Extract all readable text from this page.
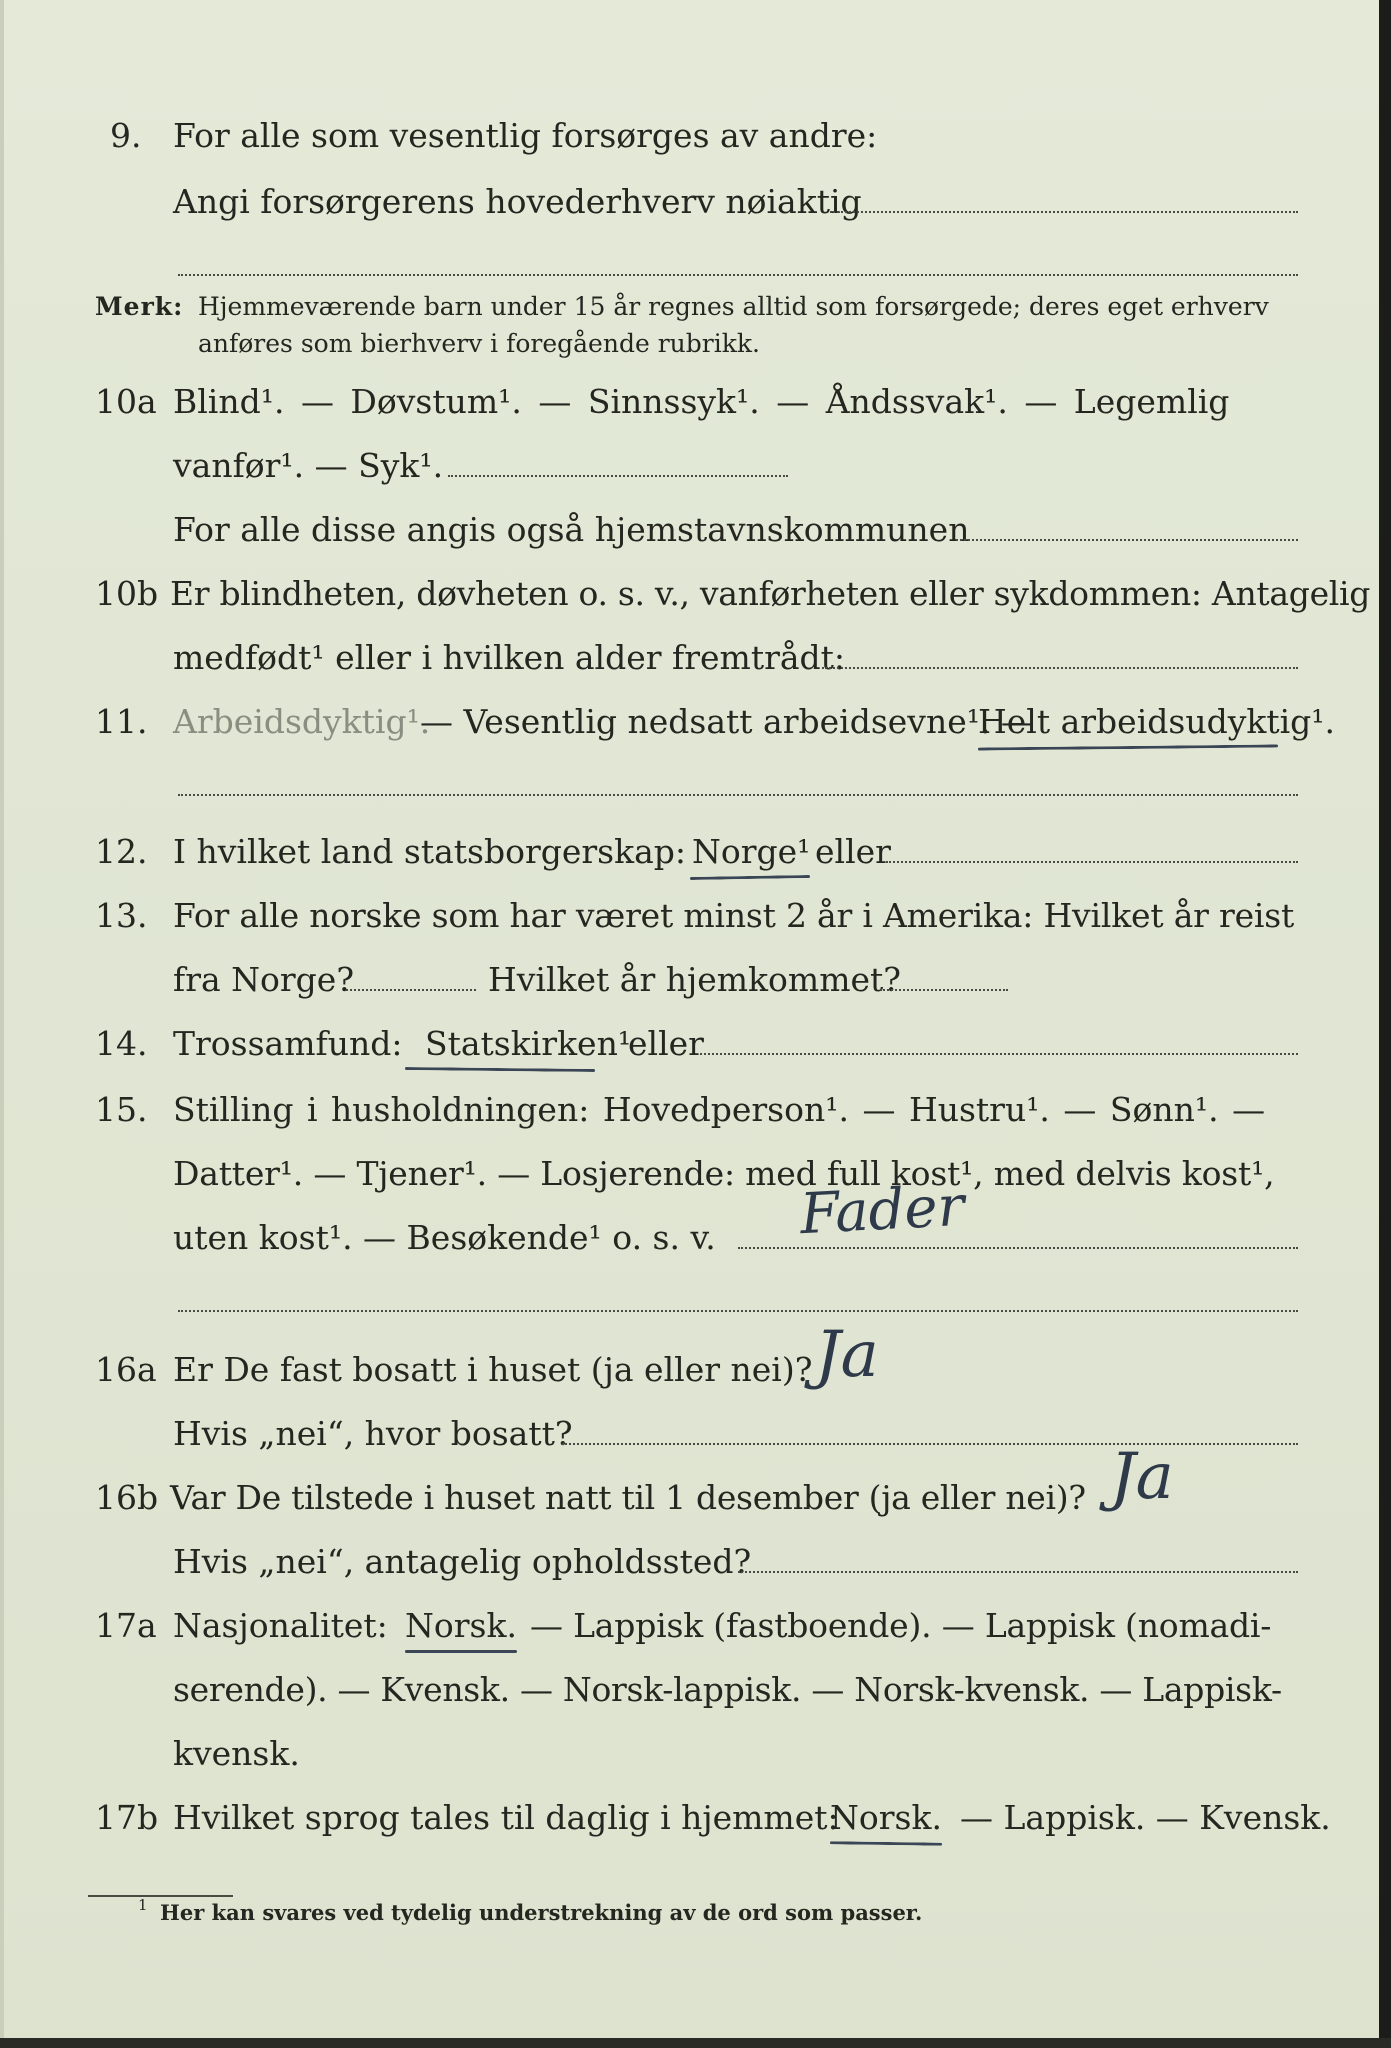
9. For alle som vesentlig forsørges av andre:
Angi forsørgerens hovederhverv nøiaktig
Merk: Hjemmeværende barn under 15 år regnes alltid som forsørgede; deres eget erhverv
anføres som bierhverv i foregående rubrikk.
10a Blind¹. — Døvstum¹. — Sinnssyk¹. — Åndssvak¹. — Legemlig
vanfør¹. — Syk¹.
For alle disse angis også hjemstavnskommunen
10b Er blindheten, døvheten o. s. v., vanførheten eller sykdommen: Antagelig
medfødt¹ eller i hvilken alder fremtrådt:
11. Arbeidsdyktig¹.
— Vesentlig nedsatt arbeidsevne¹. —
Helt arbeidsudyktig¹.
12. I hvilket land statsborgerskap: Norge¹ eller
13. For alle norske som har været minst 2 år i Amerika: Hvilket år reist
fra Norge?	Hvilket år hjemkommet?
14. Trossamfund: Statskirken¹
eller
15. Stilling i husholdningen: Hovedperson¹. — Hustru¹. — Sønn¹. —
Datter¹. — Tjener¹. — Losjerende: med full kost¹, med delvis kost¹,
uten kost¹. — Besøkende¹ o. s. v. Fader
16a Er De fast bosatt i huset (ja eller nei)? Ja
Hvis „nei“, hvor bosatt?
16b Var De tilstede i huset natt til 1 desember (ja eller nei)? Ja
Hvis „nei“, antagelig opholdssted?
17a Nasjonalitet: Norsk. — Lappisk (fastboende). — Lappisk (nomadi-
serende). — Kvensk. — Norsk-lappisk. — Norsk-kvensk. — Lappisk-
kvensk.
17b Hvilket sprog tales til daglig i hjemmet:
Norsk. — Lappisk. — Kvensk.
1 Her kan svares ved tydelig understrekning av de ord som passer.
